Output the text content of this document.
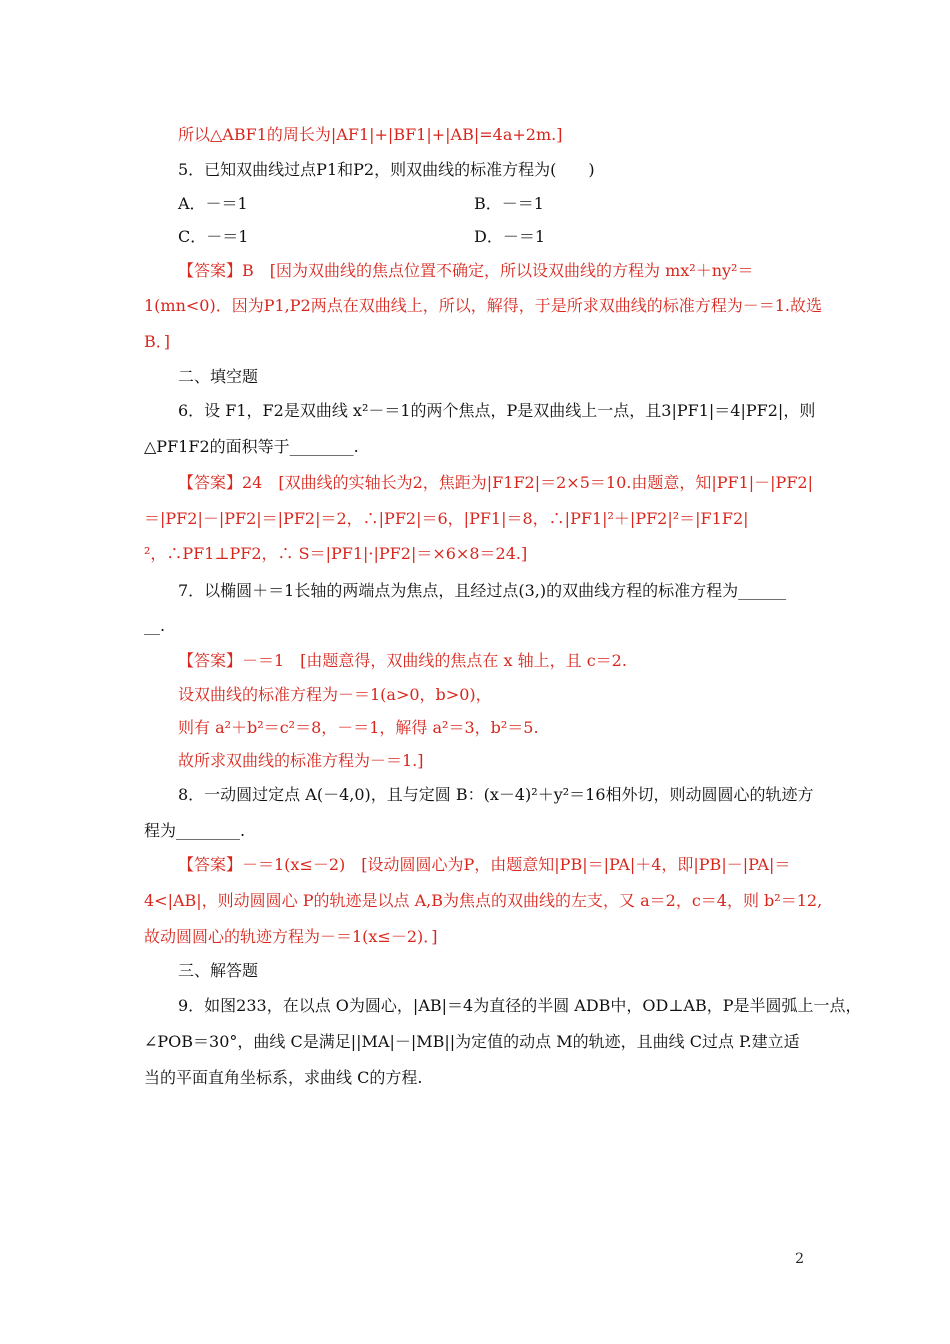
所以△ABF1的周长为|AF1|+|BF1|+|AB|=4a+2m.]
5．已知双曲线过点P1和P2，则双曲线的标准方程为(　　)
A．－＝1	B．－＝1
C．－＝1	D．－＝1
【答案】B　[因为双曲线的焦点位置不确定，所以设双曲线的方程为 mx²＋ny²＝
1(mn<0)．因为P1,P2两点在双曲线上，所以，解得，于是所求双曲线的标准方程为－＝1.故选
B．]
二、填空题
6．设 F1，F2是双曲线 x²－＝1的两个焦点，P是双曲线上一点，且3|PF1|＝4|PF2|，则
△PF1F2的面积等于________.
【答案】24　[双曲线的实轴长为2，焦距为|F1F2|＝2×5＝10.由题意，知|PF1|－|PF2|
＝|PF2|－|PF2|＝|PF2|＝2，∴|PF2|＝6，|PF1|＝8，∴|PF1|²＋|PF2|²＝|F1F2|
²，∴PF1⊥PF2，∴ S＝|PF1|·|PF2|＝×6×8＝24.]
7．以椭圆＋＝1长轴的两端点为焦点，且经过点(3,)的双曲线方程的标准方程为______
__.
【答案】－＝1　[由题意得，双曲线的焦点在 x 轴上，且 c＝2.
设双曲线的标准方程为－＝1(a>0，b>0)，
则有 a²＋b²＝c²＝8，－＝1，解得 a²＝3，b²＝5.
故所求双曲线的标准方程为－＝1.]
8．一动圆过定点 A(－4,0)，且与定圆 B：(x－4)²＋y²＝16相外切，则动圆圆心的轨迹方
程为________.
【答案】－＝1(x≤－2)　[设动圆圆心为P，由题意知|PB|＝|PA|＋4，即|PB|－|PA|＝
4<|AB|，则动圆圆心 P的轨迹是以点 A,B为焦点的双曲线的左支，又 a＝2，c＝4，则 b²＝12,
故动圆圆心的轨迹方程为－＝1(x≤－2)．]
三、解答题
9．如图233，在以点 O为圆心，|AB|＝4为直径的半圆 ADB中，OD⊥AB，P是半圆弧上一点，
∠POB＝30°，曲线 C是满足||MA|－|MB||为定值的动点 M的轨迹，且曲线 C过点 P.建立适
当的平面直角坐标系，求曲线 C的方程.
2
